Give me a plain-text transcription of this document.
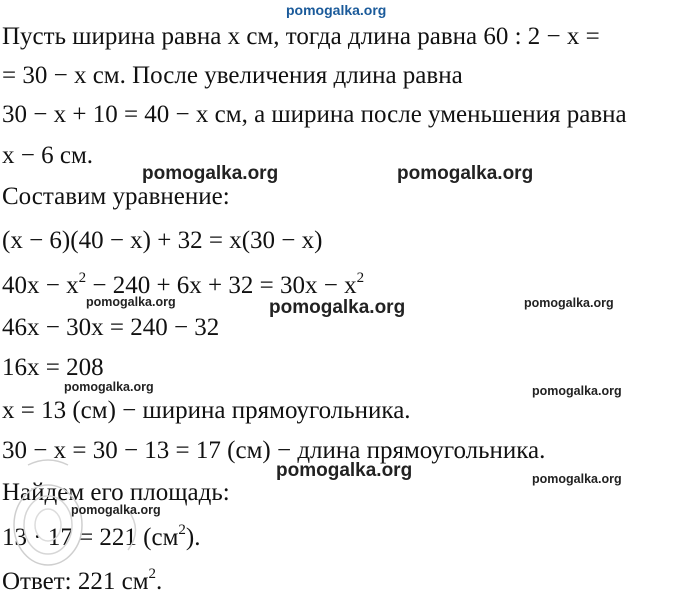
pomogalka.org
Пусть ширина равна x см, тогда длина равна 60 : 2 − x =
= 30 − x см. После увеличения длина равна
30 − x + 10 = 40 − x см, а ширина после уменьшения равна
x − 6 см.
Составим уравнение:
(x − 6)(40 − x) + 32 = x(30 − x)
$40x - x^2 - 240 + 6x + 32 = 30x - x^2$
46x − 30x = 240 − 32
16x = 208
x = 13 (см) − ширина прямоугольника.
30 − x = 30 − 13 = 17 (см) − длина прямоугольника.
Найдем его площадь:
13 · 17 = 221 $(см^2)$.
Ответ: 221 $см^2$.
pomogalka.org	pomogalka.org
pomogalka.org
pomogalka.org
pomogalka.org	pomogalka.org
pomogalka.org	pomogalka.org
pomogalka.org
pomogalka.org
